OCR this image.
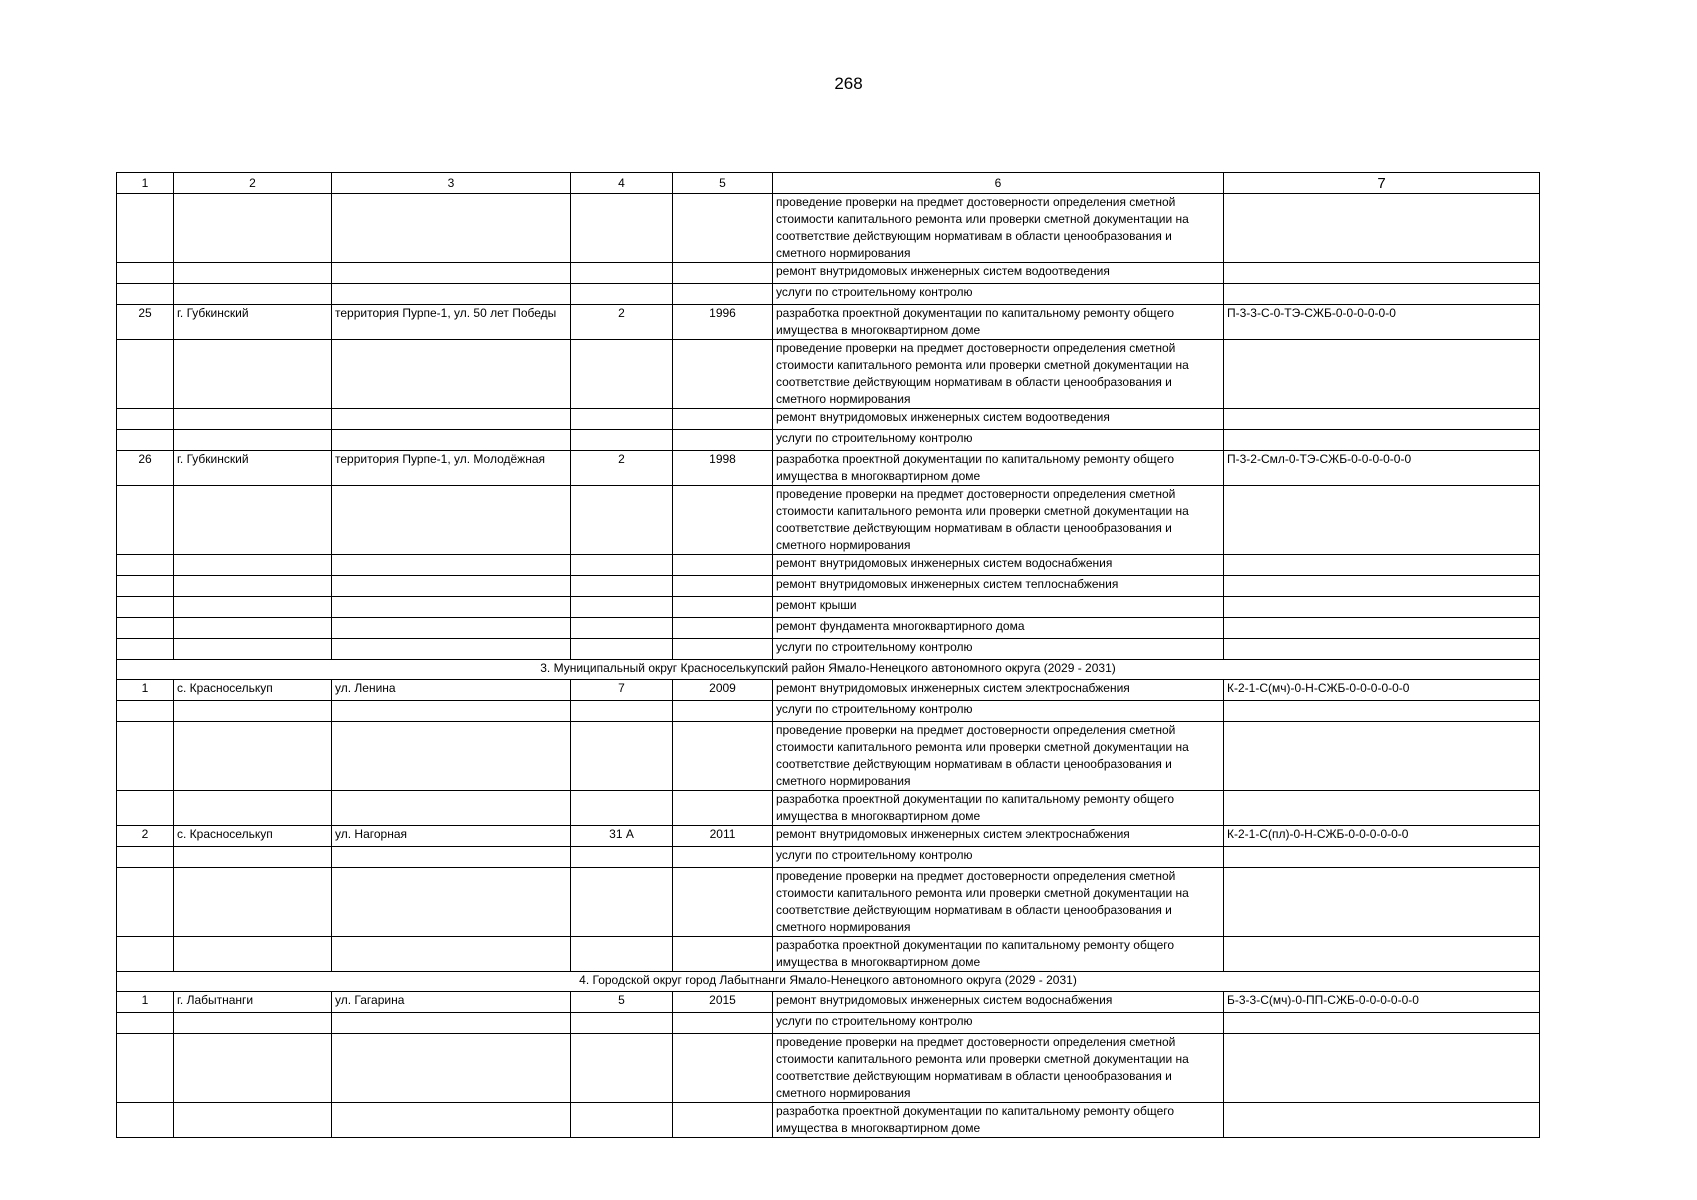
268
1	2	3	4	5	6	7
					проведение проверки на предмет достоверности определения сметной стоимости капитального ремонта или проверки сметной документации на соответствие действующим нормативам в области ценообразования и сметного нормирования	
					ремонт внутридомовых инженерных систем водоотведения	
					услуги по строительному контролю	
25	г. Губкинский	территория Пурпе-1, ул. 50 лет Победы	2	1996	разработка проектной документации по капитальному ремонту общего имущества в многоквартирном доме	П-3-3-С-0-ТЭ-СЖБ-0-0-0-0-0-0
					проведение проверки на предмет достоверности определения сметной стоимости капитального ремонта или проверки сметной документации на соответствие действующим нормативам в области ценообразования и сметного нормирования	
					ремонт внутридомовых инженерных систем водоотведения	
					услуги по строительному контролю	
26	г. Губкинский	территория Пурпе-1, ул. Молодёжная	2	1998	разработка проектной документации по капитальному ремонту общего имущества в многоквартирном доме	П-3-2-Смл-0-ТЭ-СЖБ-0-0-0-0-0-0
					проведение проверки на предмет достоверности определения сметной стоимости капитального ремонта или проверки сметной документации на соответствие действующим нормативам в области ценообразования и сметного нормирования	
					ремонт внутридомовых инженерных систем водоснабжения	
					ремонт внутридомовых инженерных систем теплоснабжения	
					ремонт крыши	
					ремонт фундамента многоквартирного дома	
					услуги по строительному контролю	
3. Муниципальный округ Красноселькупский район Ямало-Ненецкого автономного округа (2029 - 2031)						
1	с. Красноселькуп	ул. Ленина	7	2009	ремонт внутридомовых инженерных систем электроснабжения	К-2-1-С(мч)-0-Н-СЖБ-0-0-0-0-0-0
					услуги по строительному контролю	
					проведение проверки на предмет достоверности определения сметной стоимости капитального ремонта или проверки сметной документации на соответствие действующим нормативам в области ценообразования и сметного нормирования	
					разработка проектной документации по капитальному ремонту общего имущества в многоквартирном доме	
2	с. Красноселькуп	ул. Нагорная	31 А	2011	ремонт внутридомовых инженерных систем электроснабжения	К-2-1-С(пл)-0-Н-СЖБ-0-0-0-0-0-0
					услуги по строительному контролю	
					проведение проверки на предмет достоверности определения сметной стоимости капитального ремонта или проверки сметной документации на соответствие действующим нормативам в области ценообразования и сметного нормирования	
					разработка проектной документации по капитальному ремонту общего имущества в многоквартирном доме	
4. Городской округ город Лабытнанги Ямало-Ненецкого автономного округа (2029 - 2031)						
1	г. Лабытнанги	ул. Гагарина	5	2015	ремонт внутридомовых инженерных систем водоснабжения	Б-3-3-С(мч)-0-ПП-СЖБ-0-0-0-0-0-0
					услуги по строительному контролю	
					проведение проверки на предмет достоверности определения сметной стоимости капитального ремонта или проверки сметной документации на соответствие действующим нормативам в области ценообразования и сметного нормирования	
					разработка проектной документации по капитальному ремонту общего имущества в многоквартирном доме	
